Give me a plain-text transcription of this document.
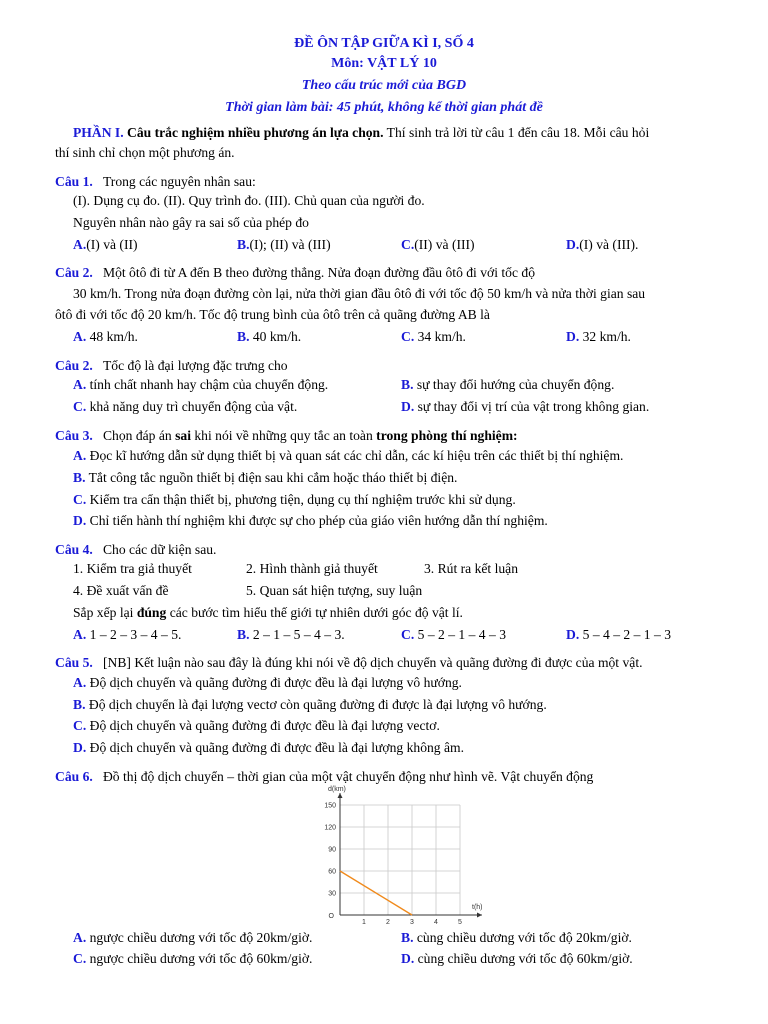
ĐỀ ÔN TẬP GIỮA KÌ I, SỐ 4
Môn: VẬT LÝ 10
Theo cấu trúc mới của BGD
Thời gian làm bài: 45 phút, không kể thời gian phát đề
PHẦN I. Câu trắc nghiệm nhiều phương án lựa chọn. Thí sinh trả lời từ câu 1 đến câu 18. Mỗi câu hỏi
thí sinh chỉ chọn một phương án.
Câu 1. Trong các nguyên nhân sau:
(I). Dụng cụ đo. (II). Quy trình đo. (III). Chủ quan của người đo.
Nguyên nhân nào gây ra sai số của phép đo
A.(I) và (II)	B.(I); (II) và (III)	C.(II) và (III)	D.(I) và (III).
Câu 2. Một ôtô đi từ A đến B theo đường thẳng. Nửa đoạn đường đầu ôtô đi với tốc độ
30 km/h. Trong nửa đoạn đường còn lại, nửa thời gian đầu ôtô đi với tốc độ 50 km/h và nửa thời gian sau
ôtô đi với tốc độ 20 km/h. Tốc độ trung bình của ôtô trên cả quãng đường AB là
A. 48 km/h.	B. 40 km/h.	C. 34 km/h.	D. 32 km/h.
Câu 2. Tốc độ là đại lượng đặc trưng cho
A. tính chất nhanh hay chậm của chuyển động.	B. sự thay đổi hướng của chuyển động.
C. khả năng duy trì chuyển động của vật.	D. sự thay đổi vị trí của vật trong không gian.
Câu 3. Chọn đáp án sai khi nói về những quy tắc an toàn trong phòng thí nghiệm:
A. Đọc kĩ hướng dẫn sử dụng thiết bị và quan sát các chỉ dẫn, các kí hiệu trên các thiết bị thí nghiệm.
B. Tắt công tắc nguồn thiết bị điện sau khi cắm hoặc tháo thiết bị điện.
C. Kiểm tra cẩn thận thiết bị, phương tiện, dụng cụ thí nghiệm trước khi sử dụng.
D. Chỉ tiến hành thí nghiệm khi được sự cho phép của giáo viên hướng dẫn thí nghiệm.
Câu 4. Cho các dữ kiện sau.
1. Kiểm tra giả thuyết	2. Hình thành giả thuyết	3. Rút ra kết luận
4. Đề xuất vấn đề	5. Quan sát hiện tượng, suy luận
Sắp xếp lại đúng các bước tìm hiểu thế giới tự nhiên dưới góc độ vật lí.
A. 1 – 2 – 3 – 4 – 5.	B. 2 – 1 – 5 – 4 – 3.	C. 5 – 2 – 1 – 4 – 3	D. 5 – 4 – 2 – 1 – 3
Câu 5. [NB] Kết luận nào sau đây là đúng khi nói về độ dịch chuyển và quãng đường đi được của một vật.
A. Độ dịch chuyển và quãng đường đi được đều là đại lượng vô hướng.
B. Độ dịch chuyển là đại lượng vectơ còn quãng đường đi được là đại lượng vô hướng.
C. Độ dịch chuyển và quãng đường đi được đều là đại lượng vectơ.
D. Độ dịch chuyển và quãng đường đi được đều là đại lượng không âm.
Câu 6. Đồ thị độ dịch chuyển – thời gian của một vật chuyển động như hình vẽ. Vật chuyển động
1	2	3	4	5
30
60
90
120
150
O
d(km)
t(h)
A. ngược chiều dương với tốc độ 20km/giờ.	B. cùng chiều dương với tốc độ 20km/giờ.
C. ngược chiều dương với tốc độ 60km/giờ.	D. cùng chiều dương với tốc độ 60km/giờ.
